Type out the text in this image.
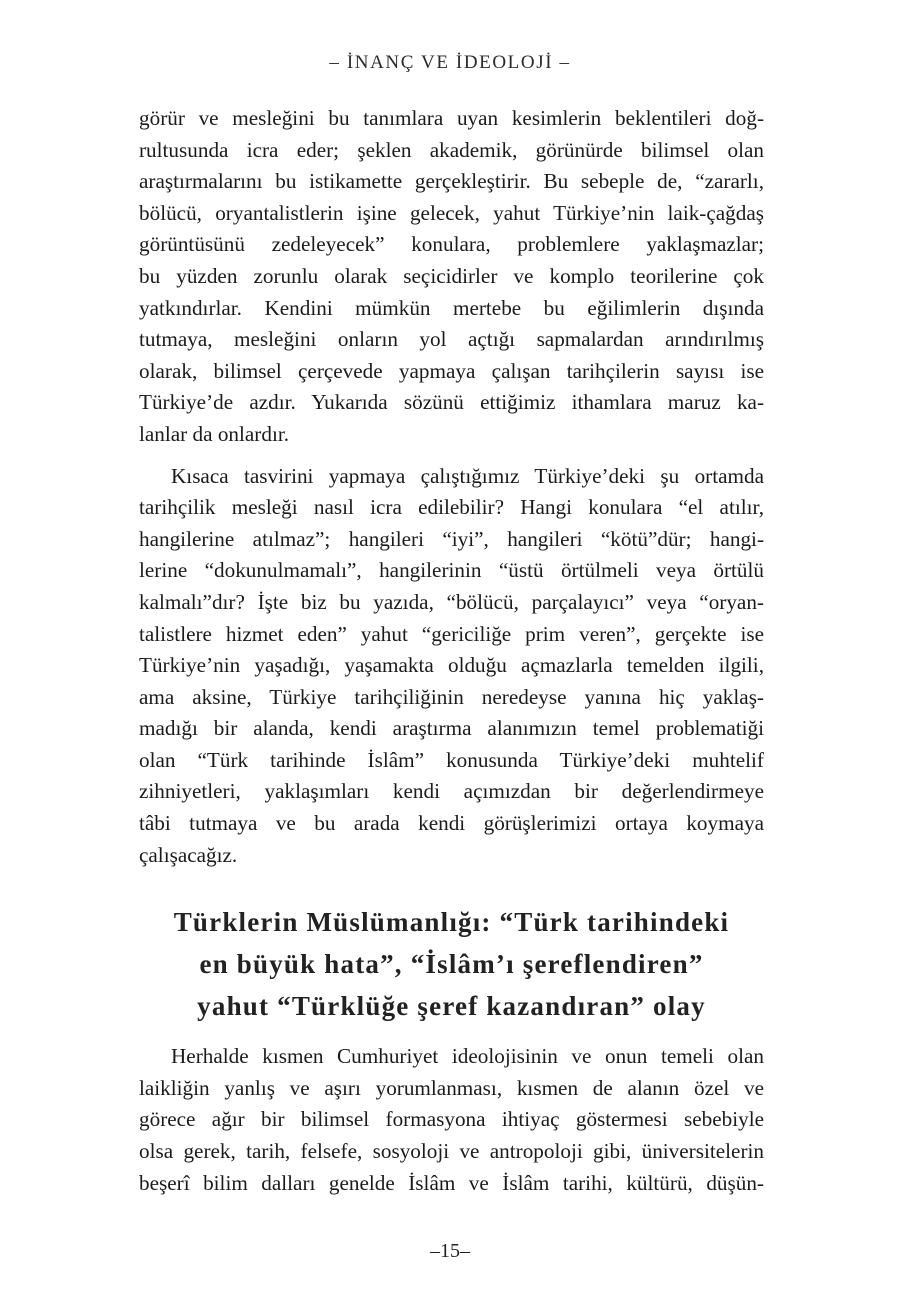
– İNANÇ VE İDEOLOJİ –

görür ve mesleğini bu tanımlara uyan kesimlerin beklentileri doğ-
rultusunda icra eder; şeklen akademik, görünürde bilimsel olan
araştırmalarını bu istikamette gerçekleştirir. Bu sebeple de, “zararlı,
bölücü, oryantalistlerin işine gelecek, yahut Türkiye’nin laik-çağdaş
görüntüsünü zedeleyecek” konulara, problemlere yaklaşmazlar;
bu yüzden zorunlu olarak seçicidirler ve komplo teorilerine çok
yatkındırlar. Kendini mümkün mertebe bu eğilimlerin dışında
tutmaya, mesleğini onların yol açtığı sapmalardan arındırılmış
olarak, bilimsel çerçevede yapmaya çalışan tarihçilerin sayısı ise
Türkiye’de azdır. Yukarıda sözünü ettiğimiz ithamlara maruz ka-
lanlar da onlardır.

Kısaca tasvirini yapmaya çalıştığımız Türkiye’deki şu ortamda
tarihçilik mesleği nasıl icra edilebilir? Hangi konulara “el atılır,
hangilerine atılmaz”; hangileri “iyi”, hangileri “kötü”dür; hangi-
lerine “dokunulmamalı”, hangilerinin “üstü örtülmeli veya örtülü
kalmalı”dır? İşte biz bu yazıda, “bölücü, parçalayıcı” veya “oryan-
talistlere hizmet eden” yahut “gericiliğe prim veren”, gerçekte ise
Türkiye’nin yaşadığı, yaşamakta olduğu açmazlarla temelden ilgili,
ama aksine, Türkiye tarihçiliğinin neredeyse yanına hiç yaklaş-
madığı bir alanda, kendi araştırma alanımızın temel problematiği
olan “Türk tarihinde İslâm” konusunda Türkiye’deki muhtelif
zihniyetleri, yaklaşımları kendi açımızdan bir değerlendirmeye
tâbi tutmaya ve bu arada kendi görüşlerimizi ortaya koymaya
çalışacağız.

Türklerin Müslümanlığı: “Türk tarihindeki
en büyük hata”, “İslâm’ı şereflendiren”
yahut “Türklüğe şeref kazandıran” olay

Herhalde kısmen Cumhuriyet ideolojisinin ve onun temeli olan
laikliğin yanlış ve aşırı yorumlanması, kısmen de alanın özel ve
görece ağır bir bilimsel formasyona ihtiyaç göstermesi sebebiyle
olsa gerek, tarih, felsefe, sosyoloji ve antropoloji gibi, üniversitelerin
beşerî bilim dalları genelde İslâm ve İslâm tarihi, kültürü, düşün-

–15–
